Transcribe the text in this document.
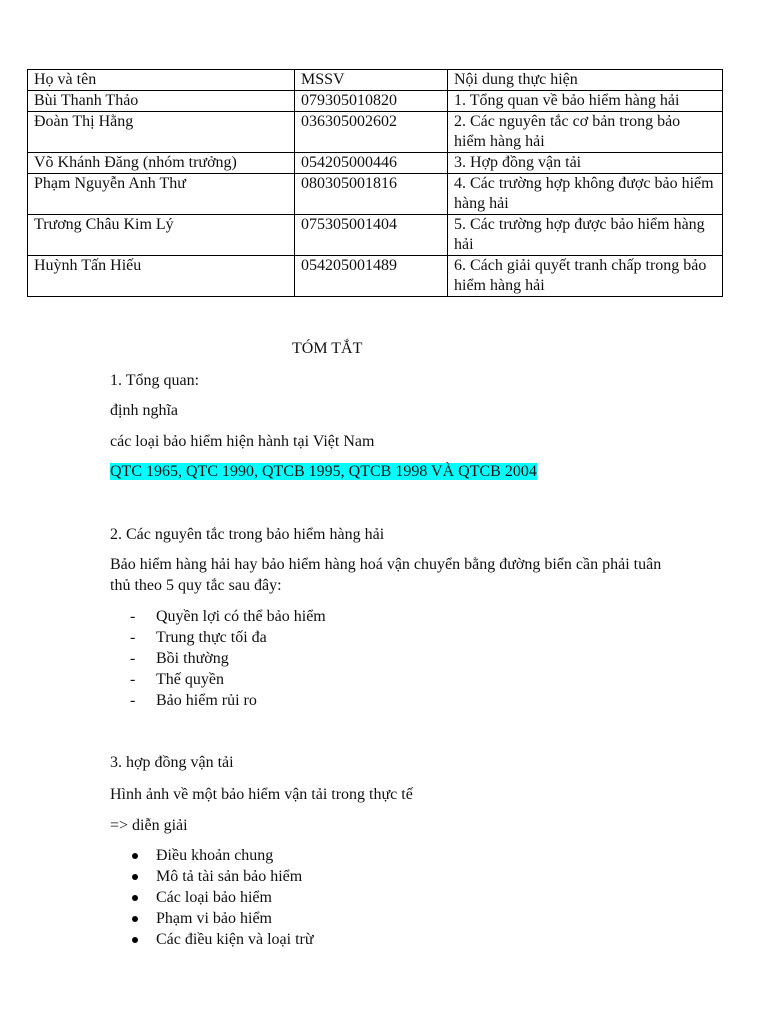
Họ và tên	MSSV	Nội dung thực hiện
Bùi Thanh Thảo	079305010820	1. Tổng quan về bảo hiểm hàng hải
Đoàn Thị Hằng	036305002602	2. Các nguyên tắc cơ bản trong bảo hiểm hàng hải
Võ Khánh Đăng (nhóm trưởng)	054205000446	3. Hợp đồng vận tải
Phạm Nguyễn Anh Thư	080305001816	4. Các trường hợp không được bảo hiểm hàng hải
Trương Châu Kim Lý	075305001404	5. Các trường hợp được bảo hiểm hàng hải
Huỳnh Tấn Hiếu	054205001489	6. Cách giải quyết tranh chấp trong bảo hiểm hàng hải
TÓM TẮT
1. Tổng quan:
định nghĩa
các loại bảo hiểm hiện hành tại Việt Nam
QTC 1965, QTC 1990, QTCB 1995, QTCB 1998 VÀ QTCB 2004
2. Các nguyên tắc trong bảo hiểm hàng hải
Bảo hiểm hàng hải hay bảo hiểm hàng hoá vận chuyển bằng đường biển cần phải tuân thủ theo 5 quy tắc sau đây:
- Quyền lợi có thể bảo hiểm
- Trung thực tối đa
- Bồi thường
- Thế quyền
- Bảo hiểm rủi ro
3. hợp đồng vận tải
Hình ảnh về một bảo hiểm vận tải trong thực tế
=> diễn giải
Điều khoản chung
Mô tả tài sản bảo hiểm
Các loại bảo hiểm
Phạm vi bảo hiểm
Các điều kiện và loại trừ
